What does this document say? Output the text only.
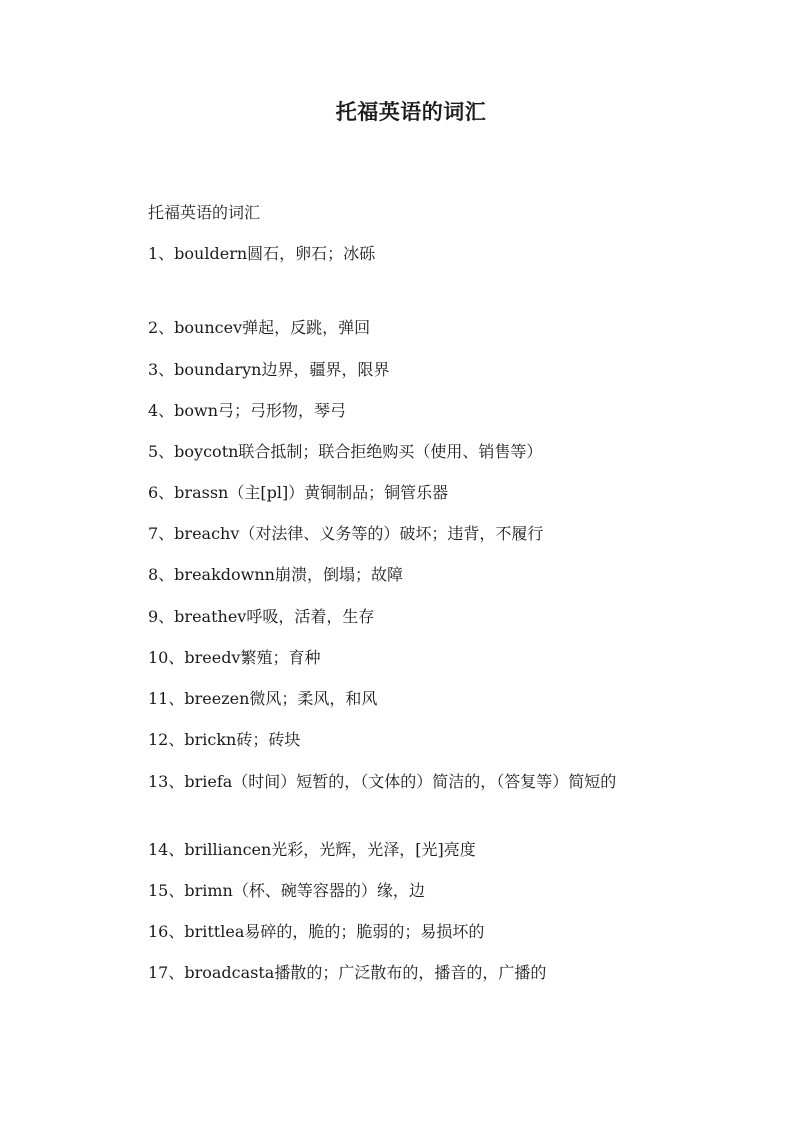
托福英语的词汇

托福英语的词汇

1、bouldern圆石，卵石；冰砾

2、bouncev弹起，反跳，弹回

3、boundaryn边界，疆界，限界

4、bown弓；弓形物，琴弓

5、boycotn联合抵制；联合拒绝购买（使用、销售等）

6、brassn（主[pl]）黄铜制品；铜管乐器

7、breachv（对法律、义务等的）破坏；违背，不履行

8、breakdownn崩溃，倒塌；故障

9、breathev呼吸，活着，生存

10、breedv繁殖；育种

11、breezen微风；柔风，和风

12、brickn砖；砖块

13、briefa（时间）短暂的，（文体的）简洁的，（答复等）简短的

14、brilliancen光彩，光辉，光泽，[光]亮度

15、brimn（杯、碗等容器的）缘，边

16、brittlea易碎的，脆的；脆弱的；易损坏的

17、broadcasta播散的；广泛散布的，播音的，广播的
